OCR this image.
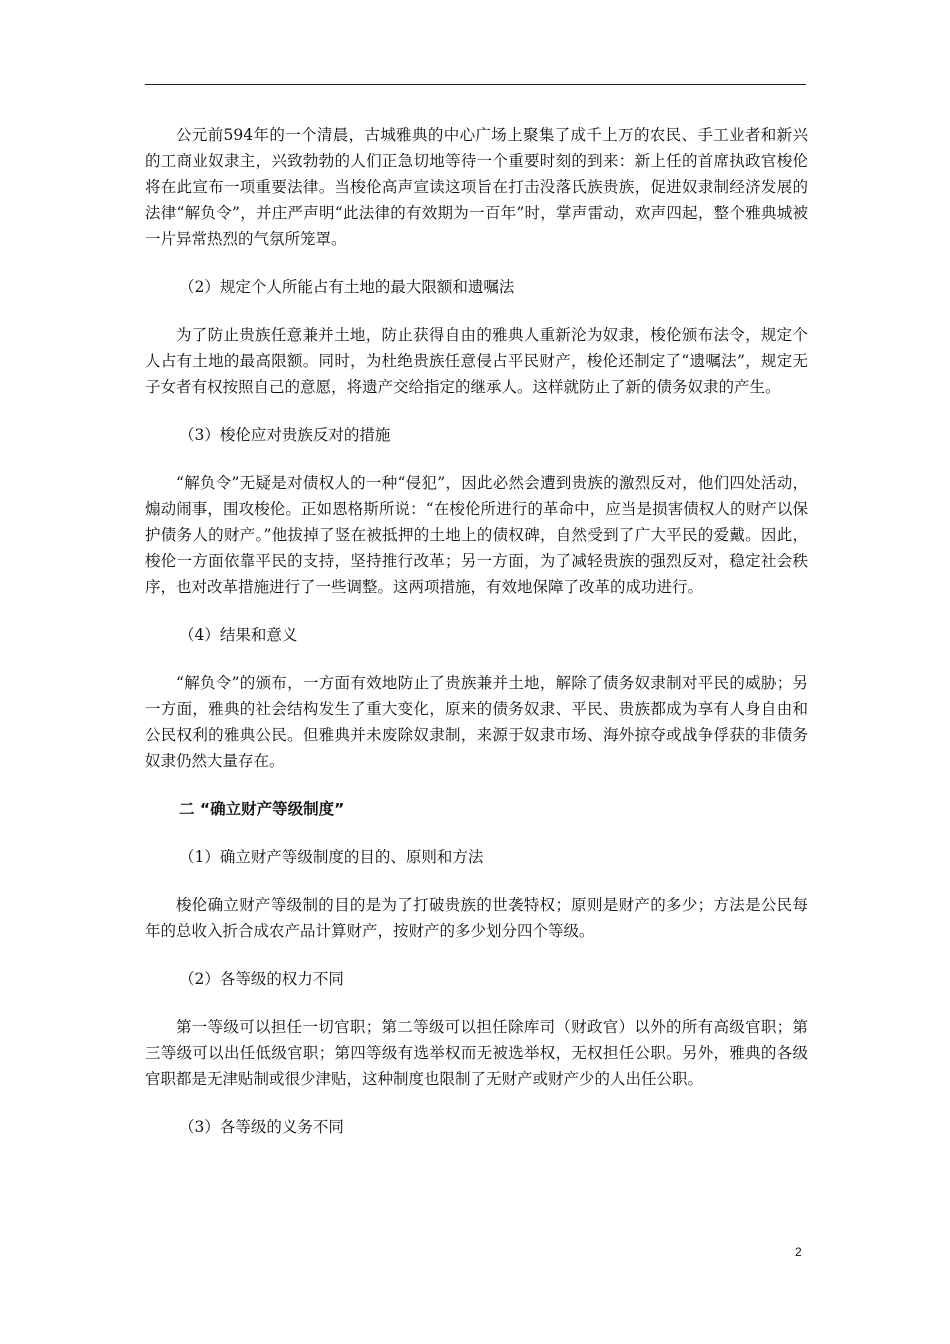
公元前594年的一个清晨，古城雅典的中心广场上聚集了成千上万的农民、手工业者和新兴的工商业奴隶主，兴致勃勃的人们正急切地等待一个重要时刻的到来：新上任的首席执政官梭伦将在此宣布一项重要法律。当梭伦高声宣读这项旨在打击没落氏族贵族，促进奴隶制经济发展的法律“解负令”，并庄严声明“此法律的有效期为一百年”时，掌声雷动，欢声四起，整个雅典城被一片异常热烈的气氛所笼罩。

（2）规定个人所能占有土地的最大限额和遗嘱法

为了防止贵族任意兼并土地，防止获得自由的雅典人重新沦为奴隶，梭伦颁布法令，规定个人占有土地的最高限额。同时，为杜绝贵族任意侵占平民财产，梭伦还制定了“遗嘱法”，规定无子女者有权按照自己的意愿，将遗产交给指定的继承人。这样就防止了新的债务奴隶的产生。

（3）梭伦应对贵族反对的措施

“解负令”无疑是对债权人的一种“侵犯”，因此必然会遭到贵族的激烈反对，他们四处活动，煽动闹事，围攻梭伦。正如恩格斯所说：“在梭伦所进行的革命中，应当是损害债权人的财产以保护债务人的财产。”他拔掉了竖在被抵押的土地上的债权碑，自然受到了广大平民的爱戴。因此，梭伦一方面依靠平民的支持，坚持推行改革；另一方面，为了减轻贵族的强烈反对，稳定社会秩序，也对改革措施进行了一些调整。这两项措施，有效地保障了改革的成功进行。

（4）结果和意义

“解负令”的颁布，一方面有效地防止了贵族兼并土地，解除了债务奴隶制对平民的威胁；另一方面，雅典的社会结构发生了重大变化，原来的债务奴隶、平民、贵族都成为享有人身自由和公民权利的雅典公民。但雅典并未废除奴隶制，来源于奴隶市场、海外掠夺或战争俘获的非债务奴隶仍然大量存在。

二 “确立财产等级制度”

（1）确立财产等级制度的目的、原则和方法

梭伦确立财产等级制的目的是为了打破贵族的世袭特权；原则是财产的多少；方法是公民每年的总收入折合成农产品计算财产，按财产的多少划分四个等级。

（2）各等级的权力不同

第一等级可以担任一切官职；第二等级可以担任除库司（财政官）以外的所有高级官职；第三等级可以出任低级官职；第四等级有选举权而无被选举权，无权担任公职。另外，雅典的各级官职都是无津贴制或很少津贴，这种制度也限制了无财产或财产少的人出任公职。

（3）各等级的义务不同

2
